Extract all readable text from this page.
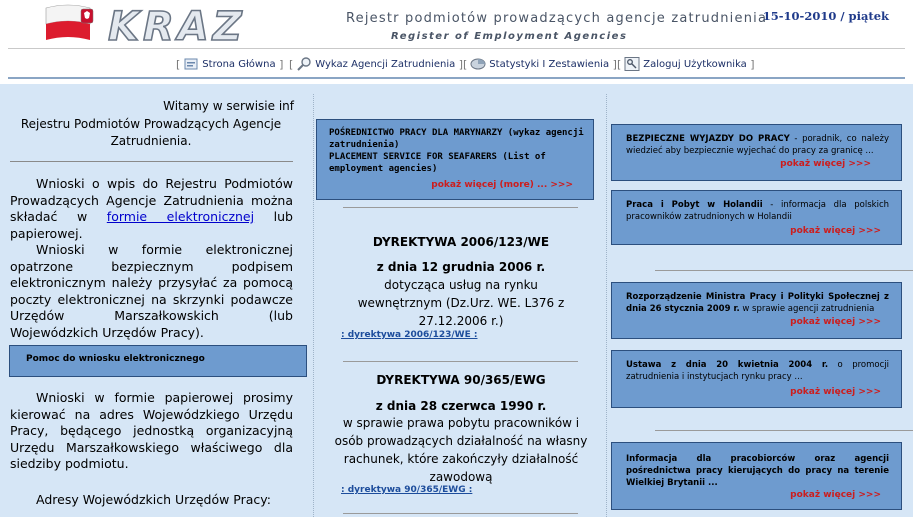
KRAZ	Rejestr podmiotów prowadzących agencje zatrudnienia
Register of Employment Agencies
15-10-2010 / piątek
[ Strona Główna ] [ Wykaz Agencji Zatrudnienia ] [ Statystyki I Zestawienia ] [ Zaloguj Użytkownika ]
Witamy w serwisie inf
Rejestru Podmiotów Prowadzących Agencje Zatrudnienia.
Wnioski o wpis do Rejestru Podmiotów Prowadzących Agencje Zatrudnienia można składać w formie elektronicznej lub papierowej.
Wnioski w formie elektronicznej opatrzone bezpiecznym podpisem elektronicznym należy przysyłać za pomocą poczty elektronicznej na skrzynki podawcze Urzędów Marszałkowskich (lub Wojewódzkich Urzędów Pracy).
Pomoc do wniosku elektronicznego
Wnioski w formie papierowej prosimy kierować na adres Wojewódzkiego Urzędu Pracy, będącego jednostką organizacyjną Urzędu Marszałkowskiego właściwego dla siedziby podmiotu.
Adresy Wojewódzkich Urzędów Pracy:
POŚREDNICTWO PRACY DLA MARYNARZY (wykaz agencji zatrudnienia)
PLACEMENT SERVICE FOR SEAFARERS (List of employment agencies)
pokaż więcej (more) ... >>>
DYREKTYWA 2006/123/WE
z dnia 12 grudnia 2006 r.
dotycząca usług na rynku wewnętrznym (Dz.Urz. WE. L376 z 27.12.2006 r.)
: dyrektywa 2006/123/WE :
DYREKTYWA 90/365/EWG
z dnia 28 czerwca 1990 r.
w sprawie prawa pobytu pracowników i osób prowadzących działalność na własny rachunek, które zakończyły działalność zawodową
: dyrektywa 90/365/EWG :
BEZPIECZNE WYJAZDY DO PRACY - poradnik, co należy wiedzieć aby bezpiecznie wyjechać do pracy za granicę ...
pokaż więcej >>>
Praca i Pobyt w Holandii - informacja dla polskich pracowników zatrudnionych w Holandii
pokaż więcej >>>
Rozporządzenie Ministra Pracy i Polityki Społecznej z dnia 26 stycznia 2009 r. w sprawie agencji zatrudnienia
pokaż więcej >>>
Ustawa z dnia 20 kwietnia 2004 r. o promocji zatrudnienia i instytucjach rynku pracy ...
pokaż więcej >>>
Informacja dla pracobiorców oraz agencji pośrednictwa pracy kierujących do pracy na terenie Wielkiej Brytanii ...
pokaż więcej >>>
